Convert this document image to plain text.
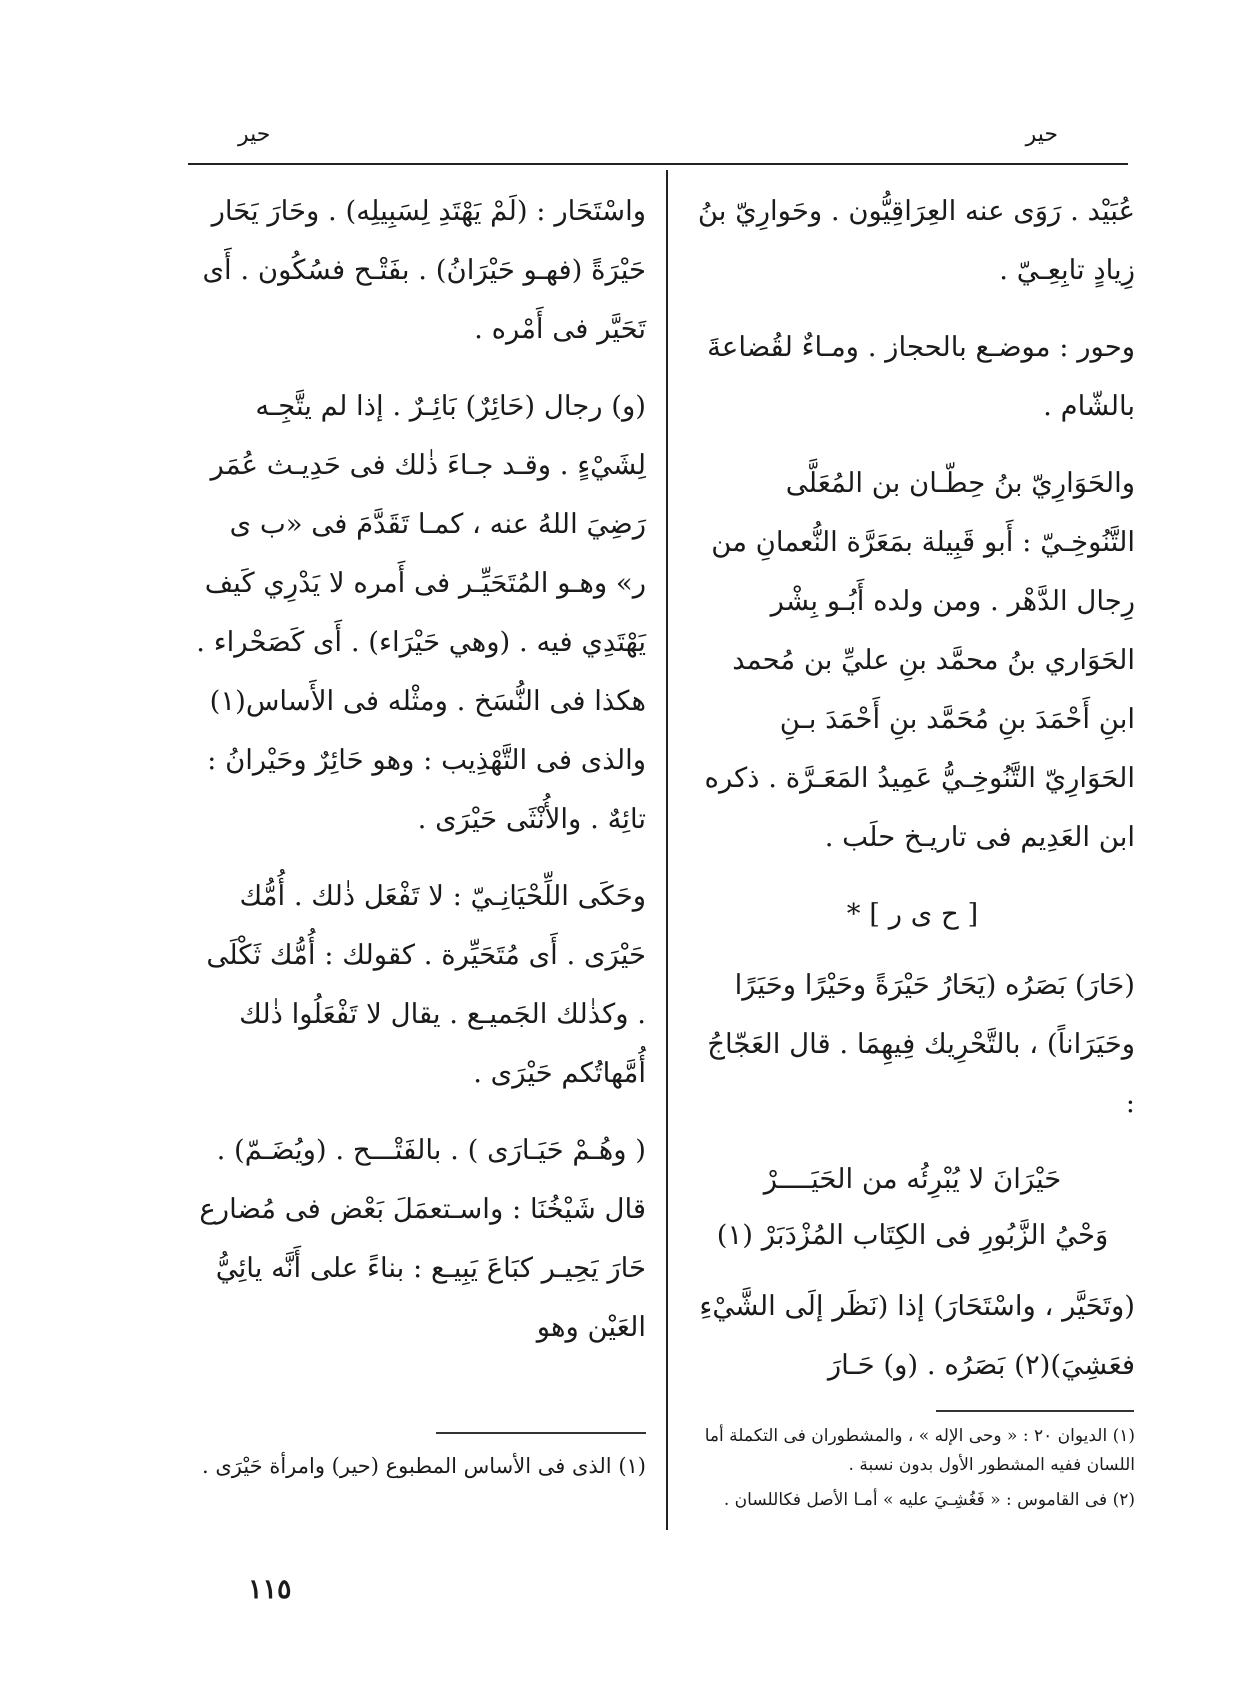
حير
حير

عُبَيْد . رَوَى عنه العِرَاقِيُّون . وحَوارِيّ بنُ زِيادٍ تابِعِـيّ .

وحور : موضـع بالحجاز . ومـاءٌ لقُضاعةَ بالشّام .

والحَوَارِيّ بنُ حِطّـان بن المُعَلَّى التَّنُوخِـيّ : أَبو قَبِيلة بمَعَرَّة النُّعمانِ من رِجال الدَّهْر . ومن ولده أَبُـو بِشْر الحَوَاري بنُ محمَّد بنِ عليِّ بن مُحمد ابنِ أَحْمَدَ بنِ مُحَمَّد بنِ أَحْمَدَ بـنِ الحَوَارِيّ التَّنُوخِـيُّ عَمِيدُ المَعَـرَّة . ذكره ابن العَدِيم فى تاريـخ حلَب .

[ ح ى ر ] *

(حَارَ) بَصَرُه (يَحَارُ حَيْرَةً وحَيْرًا وحَيَرًا وحَيَرَاناً) ، بالتَّحْرِيك فِيهِمَا . قال العَجّاجُ :

حَيْرَانَ لا يُبْرِئُه من الحَيَــــرْ
وَحْيُ الزَّبُورِ فى الكِتَاب المُزْدَبَرْ (١)

(وتَحَيَّر ، واسْتَحَارَ) إذا (نَظَر إلَى الشَّيْءِ فعَشِيَ)(٢) بَصَرُه . (و) حَـارَ

واسْتَحَار : (لَمْ يَهْتَدِ لِسَبِيلِه) . وحَارَ يَحَار حَيْرَةً (فهـو حَيْرَانُ) . بفَتْـح فسُكُون . أَى تَحَيَّر فى أَمْره .

(و) رجال (حَائِرٌ) بَائِـرٌ . إذا لم يتَّجِـه لِشَيْءٍ . وقـد جـاءَ ذٰلك فى حَدِيـث عُمَر رَضِيَ اللهُ عنه ، كمـا تَقَدَّمَ فى «ب ى ر» وهـو المُتَحَيِّـر فى أَمره لا يَدْرِي كَيف يَهْتَدِي فيه . (وهي حَيْرَاء) . أَى كَصَحْراء . هكذا فى النُّسَخ . ومثْله فى الأَساس(١) والذى فى التَّهْذِيب : وهو حَائِرٌ وحَيْرانُ : تائِهٌ . والأُنْثَى حَيْرَى .

وحَكَى اللِّحْيَانِـيّ : لا تَفْعَل ذٰلك . أُمُّك حَيْرَى . أَى مُتَحَيِّرة . كقولك : أُمُّك ثَكْلَى . وكذٰلك الجَميـع . يقال لا تَفْعَلُوا ذٰلك أُمَّهاتُكم حَيْرَى .

( وهُـمْ حَيَـارَى ) . بالفَتْـــح . (ويُضَـمّ) . قال شَيْخُنَا : واسـتعمَلَ بَعْض فى مُضارع حَارَ يَحِيـر كبَاعَ يَبِيـع : بناءً على أَنَّه يائِيُّ العَيْن وهو

(١) الديوان ٢٠ : « وحى الإله » ، والمشطوران فى التكملة أما اللسان ففيه المشطور الأول بدون نسبة .
(٢) فى القاموس : « فَغُشِـيَ عليه » أمـا الأصل فكاللسان .
(١) الذى فى الأساس المطبوع (حير) وامرأة حَيْرَى .
١١٥
